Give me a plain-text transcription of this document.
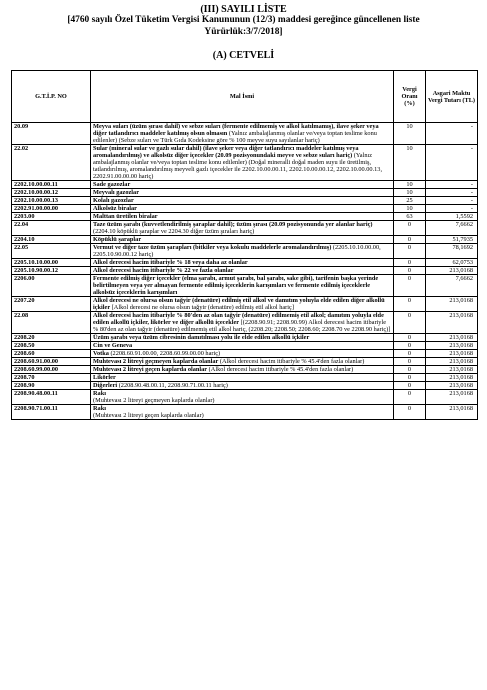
(III) SAYILI LİSTE
[4760 sayılı Özel Tüketim Vergisi Kanununun (12/3) maddesi gereğince güncellenen liste
Yürürlük:3/7/2018]
(A) CETVELİ
G.T.İ.P. NO	Mal İsmi	Vergi Oranı (%)	Asgari Maktu Vergi Tutarı (TL)
20.09	Meyva suları (üzüm şırası dahil) ve sebze suları (fermente edilmemiş ve alkol katılmamış), ilave şeker veya diğer tatlandırıcı maddeler katılmış olsun olmasın (Yalnız ambalajlanmış olanlar ve/veya toptan teslime konu edilenler) (Sebze suları ve Türk Gıda Kodeksine göre % 100 meyve suyu sayılanlar hariç)	10	-
22.02	Sular (mineral sular ve gazlı sular dahil) (ilave şeker veya diğer tatlandırıcı maddeler katılmış veya aromalandırılmış) ve alkolsüz diğer içecekler (20.09 pozisyonundaki meyve ve sebze suları hariç) (Yalnız ambalajlanmış olanlar ve/veya toptan teslime konu edilenler) (Doğal mineralli doğal maden suyu ile üretilmiş, tatlandırılmış, aromalandırılmış meyveli gazlı içecekler ile 2202.10.00.00.11, 2202.10.00.00.12, 2202.10.00.00.13, 2202.91.00.00.00 hariç)	10	-
2202.10.00.00.11	Sade gazozlar	10	-
2202.10.00.00.12	Meyvalı gazozlar	10	-
2202.10.00.00.13	Kolalı gazozlar	25	-
2202.91.00.00.00	Alkolsüz biralar	10	-
2203.00	Malttan üretilen biralar	63	1,5592
22.04	Taze üzüm şarabı (kuvvetlendirilmiş şaraplar dahil); üzüm şırası (20.09 pozisyonunda yer alanlar hariç) (2204.10 köpüklü şaraplar ve 2204.30 diğer üzüm şıraları hariç)	0	7,6662
2204.10	Köpüklü şaraplar	0	51,7935
22.05	Vermut ve diğer taze üzüm şarapları (bitkiler veya kokulu maddelerle aromalandırılmış) (2205.10.10.00.00, 2205.10.90.00.12 hariç)	0	78,1692
2205.10.10.00.00	Alkol derecesi hacim itibariyle % 18 veya daha az olanlar	0	62,0753
2205.10.90.00.12	Alkol derecesi hacim itibariyle % 22 ve fazla olanlar	0	213,0168
2206.00	Fermente edilmiş diğer içecekler (elma şarabı, armut şarabı, bal şarabı, sake gibi), tarifenin başka yerinde belirtilmeyen veya yer almayan fermente edilmiş içeceklerin karışımları ve fermente edilmiş içeceklerle alkolsüz içeceklerin karışımları	0	7,6662
2207.20	Alkol derecesi ne olursa olsun tağyir (denatüre) edilmiş etil alkol ve damıtım yoluyla elde edilen diğer alkollü içkiler [Alkol derecesi ne olursa olsun tağyir (denatüre) edilmiş etil alkol hariç]	0	213,0168
22.08	Alkol derecesi hacim itibariyle % 80'den az olan tağyir (denatüre) edilmemiş etil alkol; damıtım yoluyla elde edilen alkollü içkiler, likörler ve diğer alkollü içecekler [(2208.90.91; 2208.90.99) Alkol derecesi hacim itibariyle % 80'den az olan tağyir (denatüre) edilmemiş etil alkol hariç, (2208.20; 2208.50; 2208.60; 2208.70 ve 2208.90 hariç)]	0	213,0168
2208.20	Üzüm şarabı veya üzüm cibresinin damıtılması yolu ile elde edilen alkollü içkiler	0	213,0168
2208.50	Cin ve Geneva	0	213,0168
2208.60	Votka (2208.60.91.00.00, 2208.60.99.00.00 hariç)	0	213,0168
2208.60.91.00.00	Muhtevası 2 litreyi geçmeyen kaplarda olanlar (Alkol derecesi hacim itibariyle % 45.4'den fazla olanlar)	0	213,0168
2208.60.99.00.00	Muhtevası 2 litreyi geçen kaplarda olanlar (Alkol derecesi hacim itibariyle % 45.4'den fazla olanlar)	0	213,0168
2208.70	Likörler	0	213,0168
2208.90	Diğerleri (2208.90.48.00.11, 2208.90.71.00.11 hariç)	0	213,0168
2208.90.48.00.11	Rakı
(Muhtevası 2 litreyi geçmeyen kaplarda olanlar)	0	213,0168
2208.90.71.00.11	Rakı
(Muhtevası 2 litreyi geçen kaplarda olanlar)	0	213,0168
